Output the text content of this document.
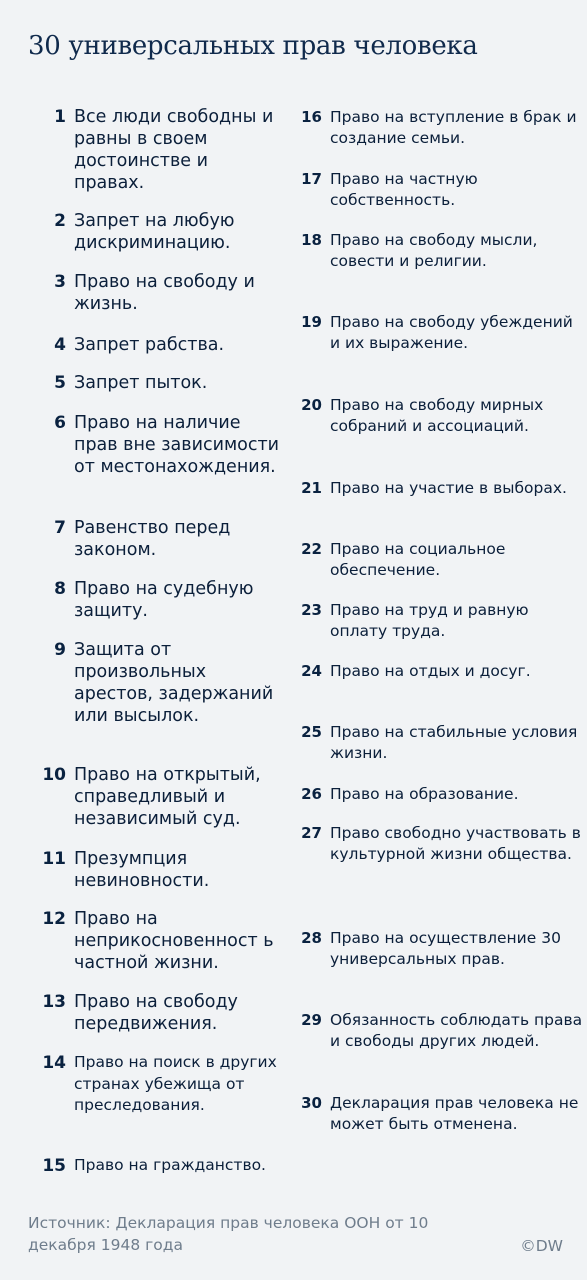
30 универсальных прав человека
1 Все люди свободны и равны в своем достоинстве и правах.
2 Запрет на любую дискриминацию.
3 Право на свободу и жизнь.
4 Запрет рабства.
5 Запрет пыток.
6 Право на наличие прав вне зависимости от местонахождения.
7 Равенство перед законом.
8 Право на судебную защиту.
9 Защита от произвольных арестов, задержаний или высылок.
10 Право на открытый, справедливый и независимый суд.
11 Презумпция невиновности.
12 Право на неприкосновенност ь частной жизни.
13 Право на свободу передвижения.
14 Право на поиск в других странах убежища от преследования.
15 Право на гражданство.
16 Право на вступление в брак и создание семьи.
17 Право на частную собственность.
18 Право на свободу мысли, совести и религии.
19 Право на свободу убеждений и их выражение.
20 Право на свободу мирных собраний и ассоциаций.
21 Право на участие в выборах.
22 Право на социальное обеспечение.
23 Право на труд и равную оплату труда.
24 Право на отдых и досуг.
25 Право на стабильные условия жизни.
26 Право на образование.
27 Право свободно участвовать в культурной жизни общества.
28 Право на осуществление 30 универсальных прав.
29 Обязанность соблюдать права и свободы других людей.
30 Декларация прав человека не может быть отменена.
Источник: Декларация прав человека ООН от 10 декабря 1948 года	©DW
